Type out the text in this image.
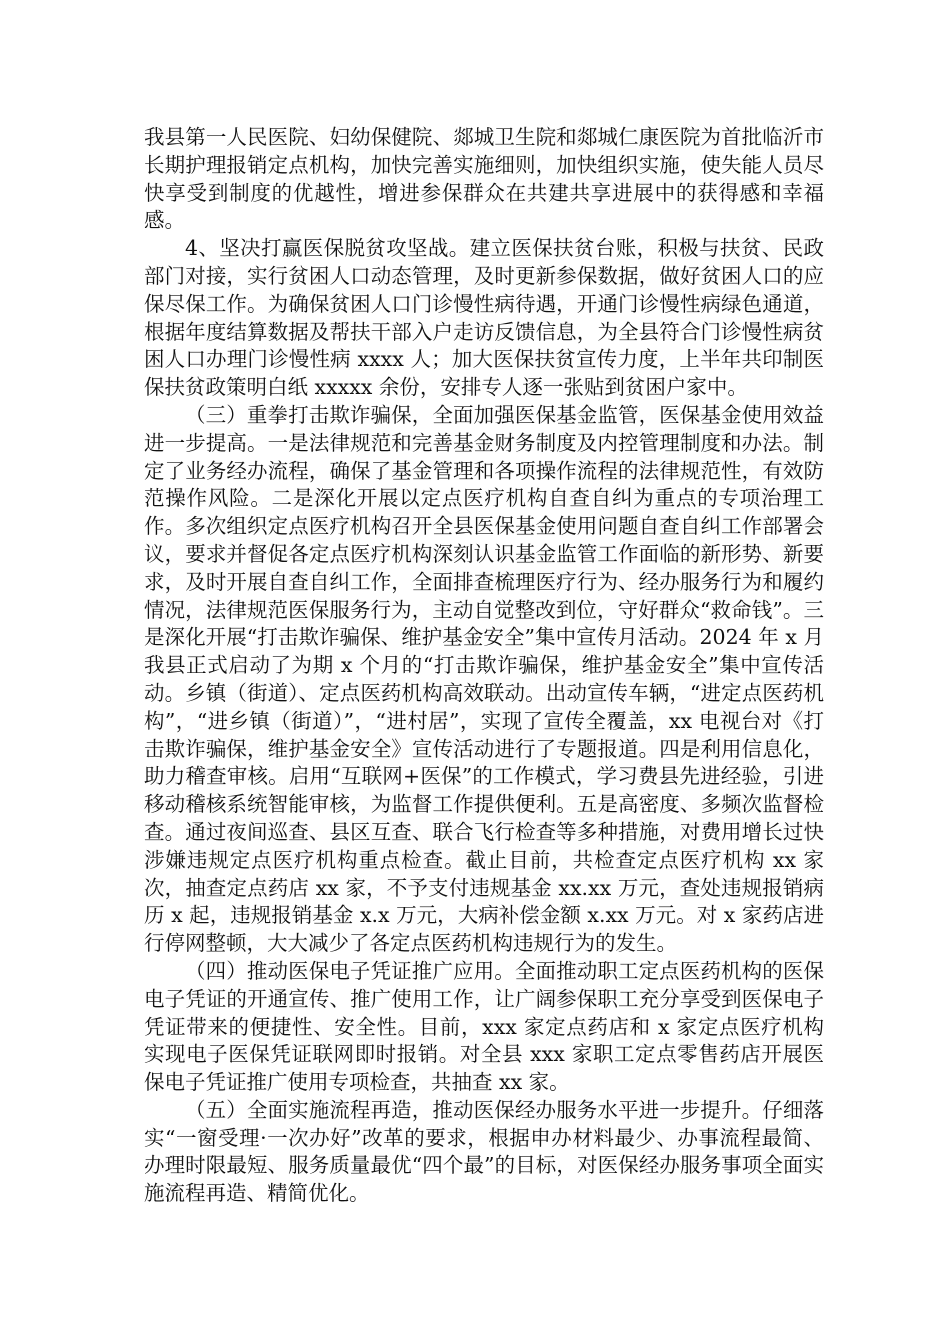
我县第一人民医院、妇幼保健院、郯城卫生院和郯城仁康医院为首批临沂市长期护理报销定点机构，加快完善实施细则，加快组织实施，使失能人员尽快享受到制度的优越性，增进参保群众在共建共享进展中的获得感和幸福感。

4、坚决打赢医保脱贫攻坚战。建立医保扶贫台账，积极与扶贫、民政部门对接，实行贫困人口动态管理，及时更新参保数据，做好贫困人口的应保尽保工作。为确保贫困人口门诊慢性病待遇，开通门诊慢性病绿色通道，根据年度结算数据及帮扶干部入户走访反馈信息，为全县符合门诊慢性病贫困人口办理门诊慢性病 xxxx 人；加大医保扶贫宣传力度，上半年共印制医保扶贫政策明白纸 xxxxx 余份，安排专人逐一张贴到贫困户家中。

（三）重拳打击欺诈骗保，全面加强医保基金监管，医保基金使用效益进一步提高。一是法律规范和完善基金财务制度及内控管理制度和办法。制定了业务经办流程，确保了基金管理和各项操作流程的法律规范性，有效防范操作风险。二是深化开展以定点医疗机构自查自纠为重点的专项治理工作。多次组织定点医疗机构召开全县医保基金使用问题自查自纠工作部署会议，要求并督促各定点医疗机构深刻认识基金监管工作面临的新形势、新要求，及时开展自查自纠工作，全面排查梳理医疗行为、经办服务行为和履约情况，法律规范医保服务行为，主动自觉整改到位，守好群众“救命钱”。三是深化开展“打击欺诈骗保、维护基金安全”集中宣传月活动。2024 年 x 月我县正式启动了为期 x 个月的“打击欺诈骗保，维护基金安全”集中宣传活动。乡镇（街道）、定点医药机构高效联动。出动宣传车辆，“进定点医药机构”，“进乡镇（街道）”，“进村居”，实现了宣传全覆盖，xx 电视台对《打击欺诈骗保，维护基金安全》宣传活动进行了专题报道。四是利用信息化，助力稽查审核。启用“互联网+医保”的工作模式，学习费县先进经验，引进移动稽核系统智能审核，为监督工作提供便利。五是高密度、多频次监督检查。通过夜间巡查、县区互查、联合飞行检查等多种措施，对费用增长过快涉嫌违规定点医疗机构重点检查。截止目前，共检查定点医疗机构 xx 家次，抽查定点药店 xx 家，不予支付违规基金 xx.xx 万元，查处违规报销病历 x 起，违规报销基金 x.x 万元，大病补偿金额 x.xx 万元。对 x 家药店进行停网整顿，大大减少了各定点医药机构违规行为的发生。

（四）推动医保电子凭证推广应用。全面推动职工定点医药机构的医保电子凭证的开通宣传、推广使用工作，让广阔参保职工充分享受到医保电子凭证带来的便捷性、安全性。目前，xxx 家定点药店和 x 家定点医疗机构实现电子医保凭证联网即时报销。对全县 xxx 家职工定点零售药店开展医保电子凭证推广使用专项检查，共抽查 xx 家。

（五）全面实施流程再造，推动医保经办服务水平进一步提升。仔细落实“一窗受理·一次办好”改革的要求，根据申办材料最少、办事流程最简、办理时限最短、服务质量最优“四个最”的目标，对医保经办服务事项全面实施流程再造、精简优化。
